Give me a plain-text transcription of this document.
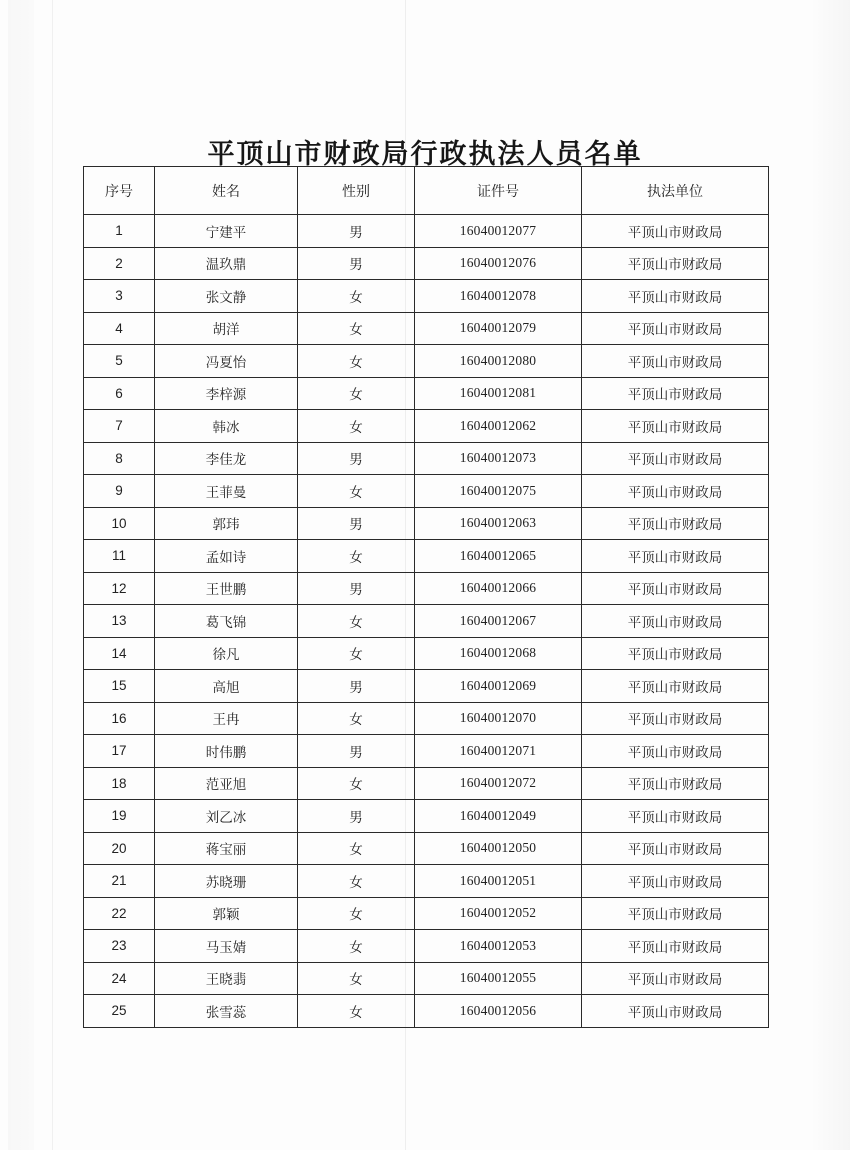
平顶山市财政局行政执法人员名单
序号	姓名	性别	证件号	执法单位
1	宁建平	男	16040012077	平顶山市财政局
2	温玖鼎	男	16040012076	平顶山市财政局
3	张文静	女	16040012078	平顶山市财政局
4	胡洋	女	16040012079	平顶山市财政局
5	冯夏怡	女	16040012080	平顶山市财政局
6	李梓源	女	16040012081	平顶山市财政局
7	韩冰	女	16040012062	平顶山市财政局
8	李佳龙	男	16040012073	平顶山市财政局
9	王菲曼	女	16040012075	平顶山市财政局
10	郭玮	男	16040012063	平顶山市财政局
11	孟如诗	女	16040012065	平顶山市财政局
12	王世鹏	男	16040012066	平顶山市财政局
13	葛飞锦	女	16040012067	平顶山市财政局
14	徐凡	女	16040012068	平顶山市财政局
15	高旭	男	16040012069	平顶山市财政局
16	王冉	女	16040012070	平顶山市财政局
17	时伟鹏	男	16040012071	平顶山市财政局
18	范亚旭	女	16040012072	平顶山市财政局
19	刘乙冰	男	16040012049	平顶山市财政局
20	蒋宝丽	女	16040012050	平顶山市财政局
21	苏晓珊	女	16040012051	平顶山市财政局
22	郭颖	女	16040012052	平顶山市财政局
23	马玉婧	女	16040012053	平顶山市财政局
24	王晓翡	女	16040012055	平顶山市财政局
25	张雪蕊	女	16040012056	平顶山市财政局
